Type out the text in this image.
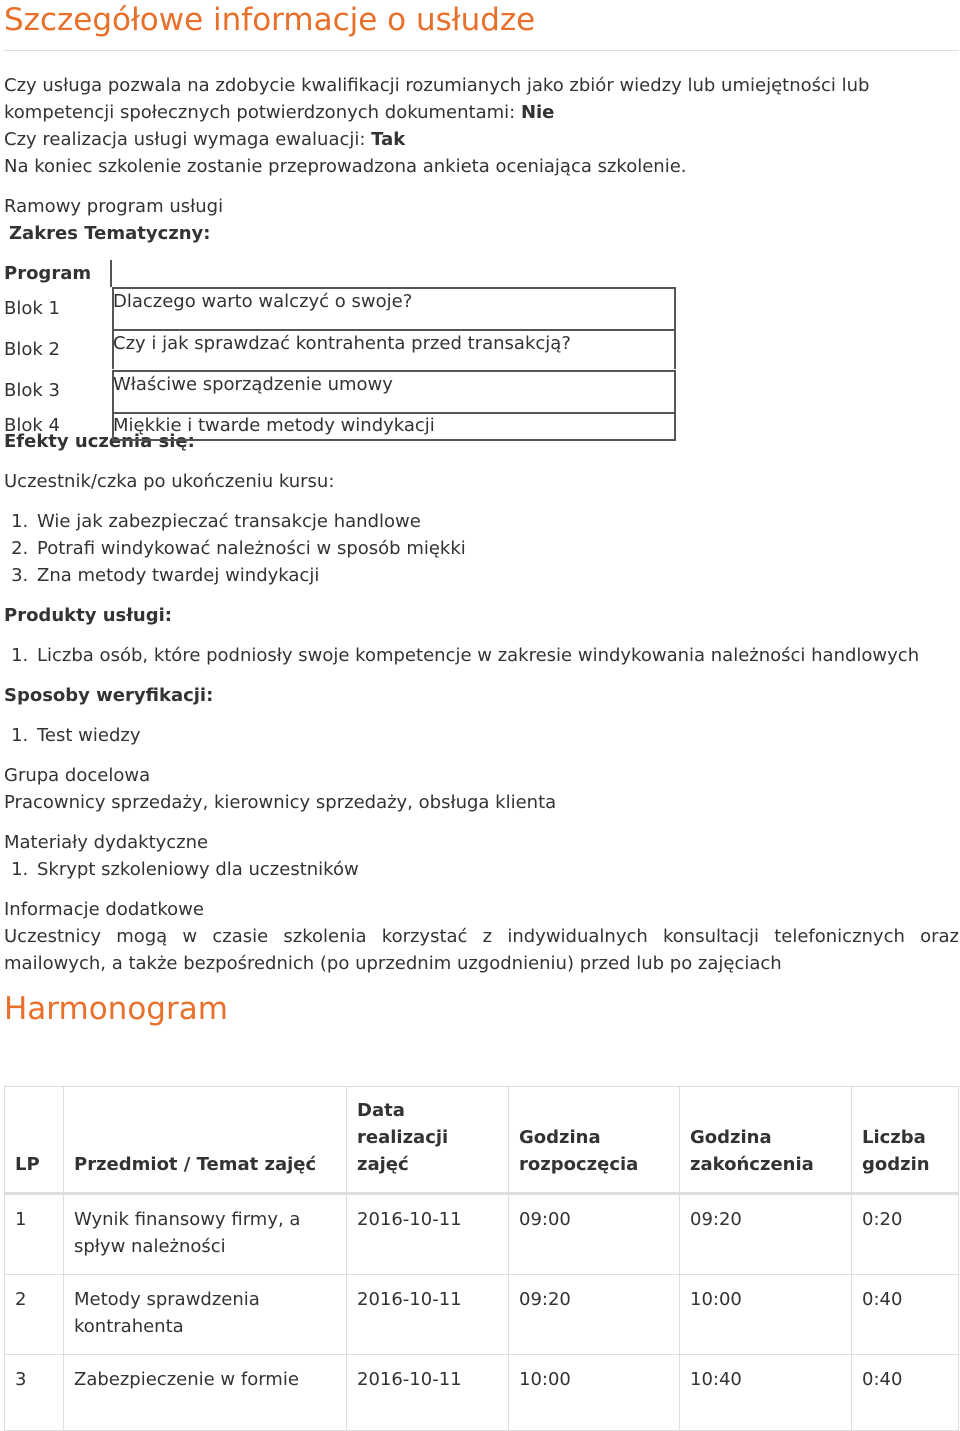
Szczegółowe informacje o usłudze

Czy usługa pozwala na zdobycie kwalifikacji rozumianych jako zbiór wiedzy lub umiejętności lub kompetencji społecznych potwierdzonych dokumentami: Nie

Czy realizacja usługi wymaga ewaluacji: Tak

Na koniec szkolenie zostanie przeprowadzona ankieta oceniająca szkolenie.

Ramowy program usługi

Zakres Tematyczny:

Program
Blok 1	Dlaczego warto walczyć o swoje?
Blok 2	Czy i jak sprawdzać kontrahenta przed transakcją?
Blok 3	Właściwe sporządzenie umowy
Blok 4	Miękkie i twarde metody windykacji

Efekty uczenia się:

Uczestnik/czka po ukończeniu kursu:

1. Wie jak zabezpieczać transakcje handlowe
2. Potrafi windykować należności w sposób miękki
3. Zna metody twardej windykacji

Produkty usługi:

1. Liczba osób, które podniosły swoje kompetencje w zakresie windykowania należności handlowych

Sposoby weryfikacji:

1. Test wiedzy

Grupa docelowa

Pracownicy sprzedaży, kierownicy sprzedaży, obsługa klienta

Materiały dydaktyczne

1. Skrypt szkoleniowy dla uczestników

Informacje dodatkowe

Uczestnicy mogą w czasie szkolenia korzystać z indywidualnych konsultacji telefonicznych oraz mailowych, a także bezpośrednich (po uprzednim uzgodnieniu) przed lub po zajęciach

Harmonogram
LP	Przedmiot / Temat zajęć	Data realizacji zajęć	Godzina rozpoczęcia	Godzina zakończenia	Liczba godzin
1	Wynik finansowy firmy, a spływ należności	2016-10-11	09:00	09:20	0:20
2	Metody sprawdzenia kontrahenta	2016-10-11	09:20	10:00	0:40
3	Zabezpieczenie w formie	2016-10-11	10:00	10:40	0:40
